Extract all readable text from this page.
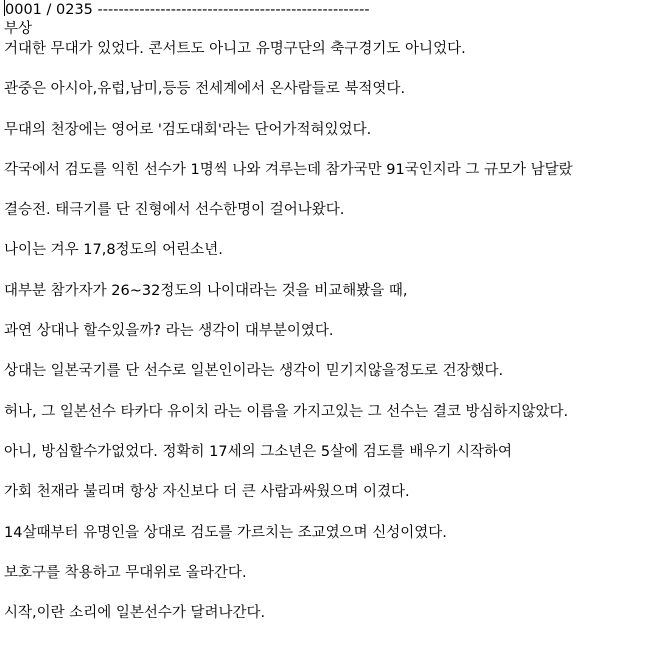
0001 / 0235 ----------------------------------------------------
부상
거대한 무대가 있었다. 콘서트도 아니고 유명구단의 축구경기도 아니었다.
관중은 아시아,유럽,남미,등등 전세계에서 온사람들로 북적엿다.
무대의 천장에는 영어로 '검도대회'라는 단어가적혀있었다.
각국에서 검도를 익힌 선수가 1명씩 나와 겨루는데 참가국만 91국인지라 그 규모가 남달랐
결승전. 태극기를 단 진형에서 선수한명이 걸어나왔다.
나이는 겨우 17,8정도의 어린소년.
대부분 참가자가 26~32정도의 나이대라는 것을 비교해봤을 때,
과연 상대나 할수있을까? 라는 생각이 대부분이였다.
상대는 일본국기를 단 선수로 일본인이라는 생각이 믿기지않을정도로 건장했다.
허나, 그 일본선수 타카다 유이치 라는 이름을 가지고있는 그 선수는 결코 방심하지않았다.
아니, 방심할수가없었다. 정확히 17세의 그소년은 5살에 검도를 배우기 시작하여
가회 천재라 불리며 항상 자신보다 더 큰 사람과싸웠으며 이겼다.
14살때부터 유명인을 상대로 검도를 가르치는 조교였으며 신성이였다.
보호구를 착용하고 무대위로 올라간다.
시작,이란 소리에 일본선수가 달려나간다.
